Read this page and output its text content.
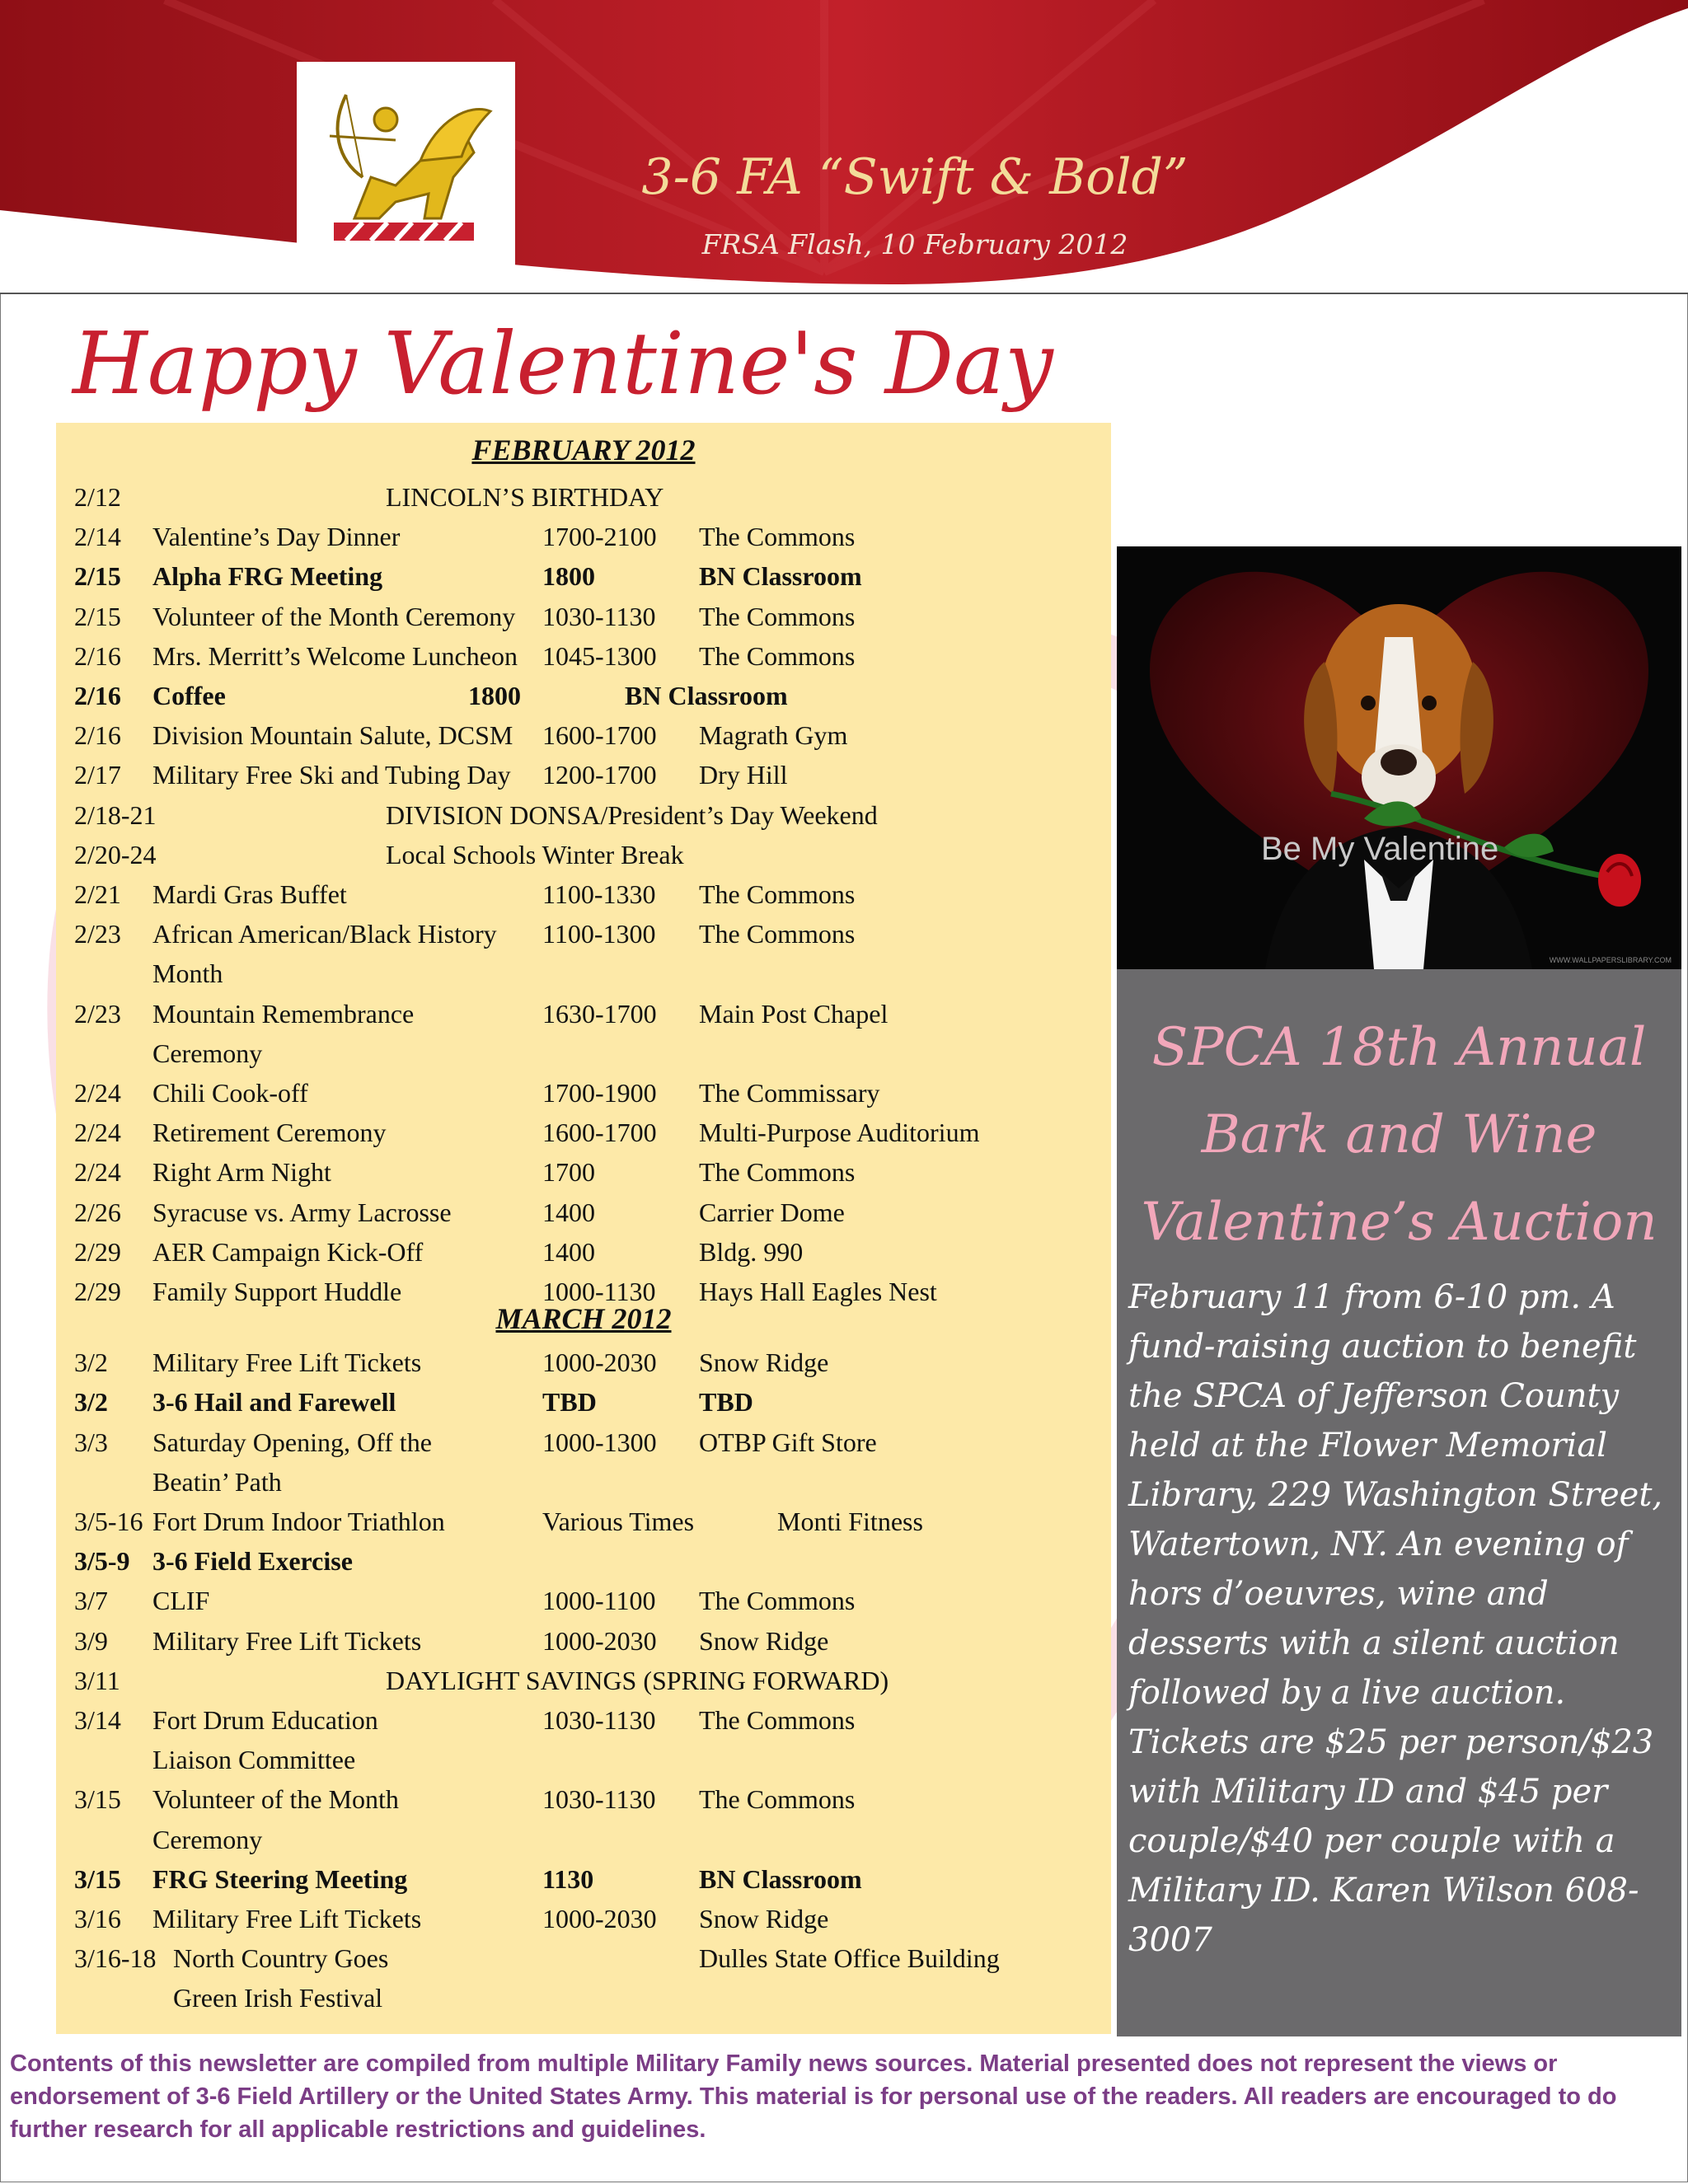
3-6 FA “Swift & Bold”
FRSA Flash, 10 February 2012
Happy Valentine's Day
FEBRUARY 2012
2/12	LINCOLN’S BIRTHDAY
2/14 Valentine’s Day Dinner	1700-2100 The Commons
2/15 Alpha FRG Meeting	1800	BN Classroom
2/15 Volunteer of the Month Ceremony 1030-1130 The Commons
2/16 Mrs. Merritt’s Welcome Luncheon 1045-1300 The Commons
2/16 Coffee	1800	BN Classroom
2/16 Division Mountain Salute, DCSM 1600-1700 Magrath Gym
2/17 Military Free Ski and Tubing Day 1200-1700 Dry Hill
2/18-21	DIVISION DONSA/President’s Day Weekend
2/20-24	Local Schools Winter Break
2/21 Mardi Gras Buffet	1100-1330 The Commons
2/23 African American/Black History 1100-1300 The Commons
Month
2/23 Mountain Remembrance	1630-1700 Main Post Chapel
Ceremony
2/24 Chili Cook-off	1700-1900 The Commissary
2/24 Retirement Ceremony	1600-1700 Multi-Purpose Auditorium
2/24 Right Arm Night	1700	The Commons
2/26 Syracuse vs. Army Lacrosse	1400	Carrier Dome
2/29 AER Campaign Kick-Off	1400	Bldg. 990
2/29 Family Support Huddle	1000-1130 Hays Hall Eagles Nest
MARCH 2012
3/2 Military Free Lift Tickets	1000-2030 Snow Ridge
3/2 3-6 Hail and Farewell	TBD	TBD
3/3 Saturday Opening, Off the	1000-1300 OTBP Gift Store
Beatin’ Path
3/5-16 Fort Drum Indoor Triathlon	Various Times	Monti Fitness
3/5-9 3-6 Field Exercise
3/7 CLIF	1000-1100 The Commons
3/9 Military Free Lift Tickets	1000-2030 Snow Ridge
3/11	DAYLIGHT SAVINGS (SPRING FORWARD)
3/14 Fort Drum Education	1030-1130 The Commons
Liaison Committee
3/15 Volunteer of the Month	1030-1130 The Commons
Ceremony
3/15 FRG Steering Meeting	1130	BN Classroom
3/16 Military Free Lift Tickets	1000-2030 Snow Ridge
3/16-18 North Country Goes	Dulles State Office Building
Green Irish Festival
Be My Valentine
WWW.WALLPAPERSLIBRARY.COM
SPCA 18th Annual
Bark and Wine
Valentine’s Auction
February 11 from 6-10 pm. A fund-raising auction to benefit the SPCA of Jefferson County held at the Flower Memorial Library, 229 Washington Street, Watertown, NY. An evening of hors d’oeuvres, wine and desserts with a silent auction followed by a live auction. Tickets are $25 per person/$23 with Military ID and $45 per couple/$40 per couple with a Military ID. Karen Wilson 608-3007
Contents of this newsletter are compiled from multiple Military Family news sources. Material presented does not represent the views or endorsement of 3-6 Field Artillery or the United States Army. This material is for personal use of the readers. All readers are encouraged to do further research for all applicable restrictions and guidelines.
